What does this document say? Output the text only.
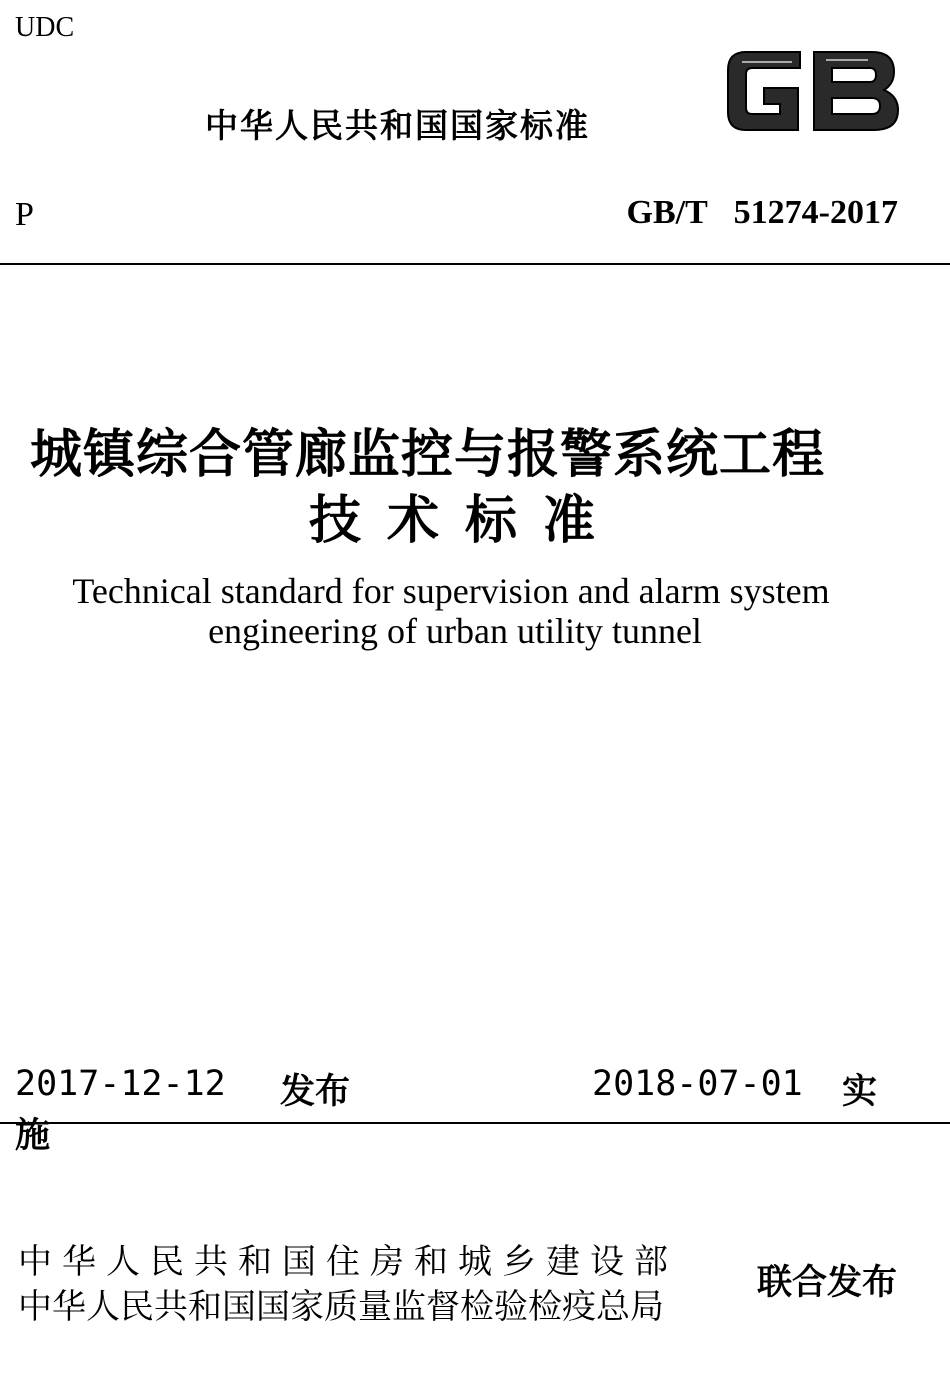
UDC
中华人民共和国国家标准
P	GB/T 51274-2017
城镇综合管廊监控与报警系统工程
技术标准
Technical standard for supervision and alarm system
engineering of urban utility tunnel
2017-12-12 发布	2018-07-01 实
施
中华人民共和国住房和城乡建设部
中华人民共和国国家质量监督检验检疫总局
联合发布
